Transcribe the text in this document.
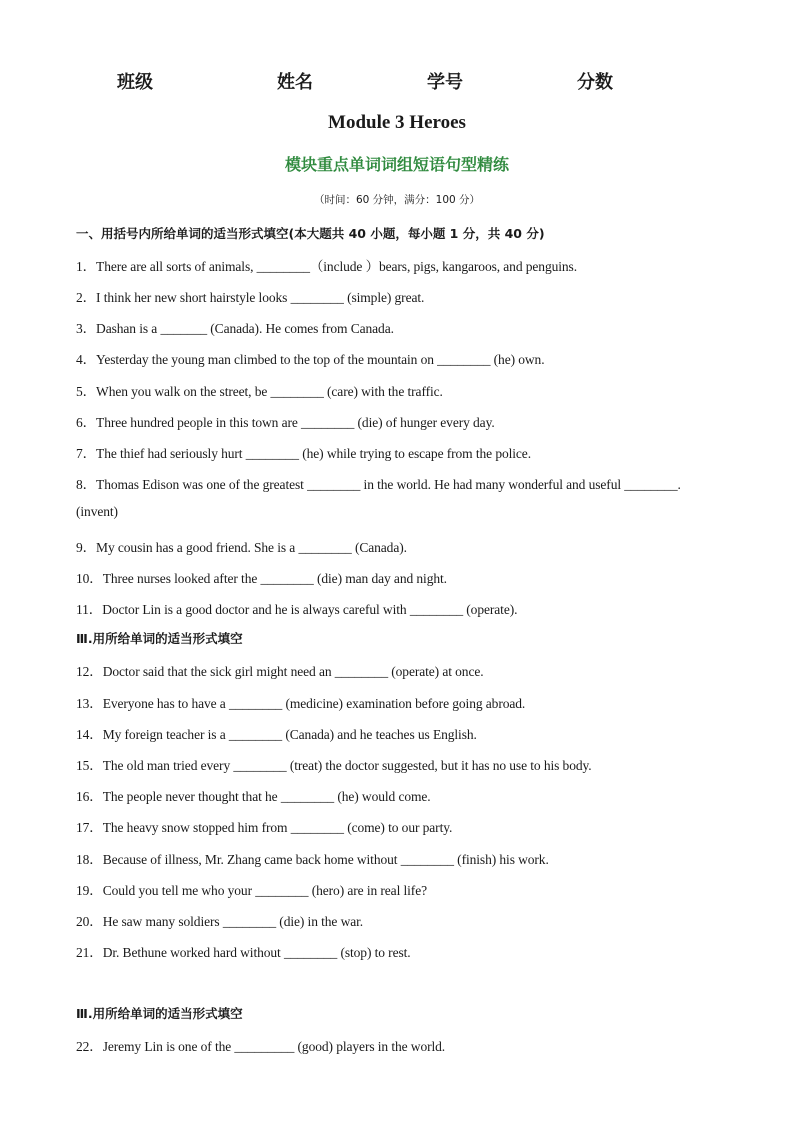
班级	姓名	学号	分数
Module 3 Heroes
模块重点单词词组短语句型精练
（时间：60 分钟，满分：100 分）
一、用括号内所给单词的适当形式填空(本大题共 40 小题，每小题 1 分，共 40 分)
1．There are all sorts of animals, ________（include ）bears, pigs, kangaroos, and penguins.
2．I think her new short hairstyle looks ________ (simple) great.
3．Dashan is a _______ (Canada). He comes from Canada.
4．Yesterday the young man climbed to the top of the mountain on ________ (he) own.
5．When you walk on the street, be ________ (care) with the traffic.
6．Three hundred people in this town are ________ (die) of hunger every day.
7．The thief had seriously hurt ________ (he) while trying to escape from the police.
8．Thomas Edison was one of the greatest ________ in the world. He had many wonderful and useful ________.
(invent)
9．My cousin has a good friend. She is a ________ (Canada).
10．Three nurses looked after the ________ (die) man day and night.
11．Doctor Lin is a good doctor and he is always careful with ________ (operate).
Ⅲ.用所给单词的适当形式填空
12．Doctor said that the sick girl might need an ________ (operate) at once.
13．Everyone has to have a ________ (medicine) examination before going abroad.
14．My foreign teacher is a ________ (Canada) and he teaches us English.
15．The old man tried every ________ (treat) the doctor suggested, but it has no use to his body.
16．The people never thought that he ________ (he) would come.
17．The heavy snow stopped him from ________ (come) to our party.
18．Because of illness, Mr. Zhang came back home without ________ (finish) his work.
19．Could you tell me who your ________ (hero) are in real life?
20．He saw many soldiers ________ (die) in the war.
21．Dr. Bethune worked hard without ________ (stop) to rest.
Ⅲ.用所给单词的适当形式填空
22．Jeremy Lin is one of the _________ (good) players in the world.
